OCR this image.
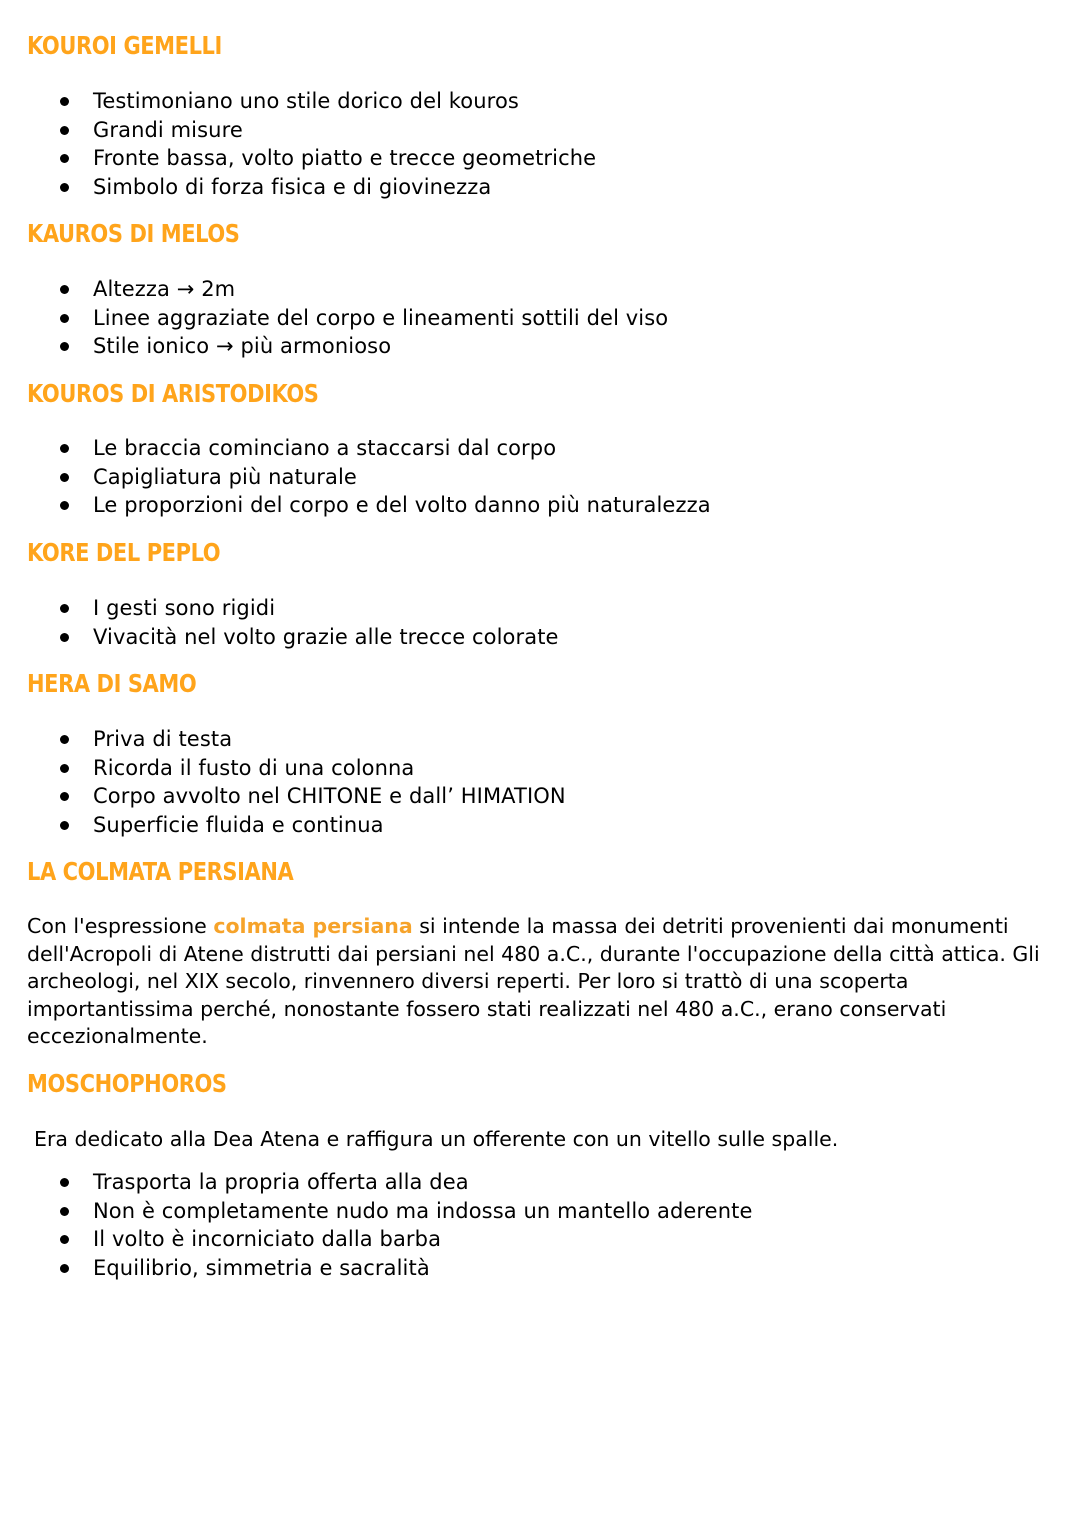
KOUROI GEMELLI
Testimoniano uno stile dorico del kouros
Grandi misure
Fronte bassa, volto piatto e trecce geometriche
Simbolo di forza fisica e di giovinezza
KAUROS DI MELOS
Altezza → 2m
Linee aggraziate del corpo e lineamenti sottili del viso
Stile ionico → più armonioso
KOUROS DI ARISTODIKOS
Le braccia cominciano a staccarsi dal corpo
Capigliatura più naturale
Le proporzioni del corpo e del volto danno più naturalezza
KORE DEL PEPLO
I gesti sono rigidi
Vivacità nel volto grazie alle trecce colorate
HERA DI SAMO
Priva di testa
Ricorda il fusto di una colonna
Corpo avvolto nel CHITONE e dall’ HIMATION
Superficie fluida e continua
LA COLMATA PERSIANA

Con l'espressione colmata persiana si intende la massa dei detriti provenienti dai monumenti dell'Acropoli di Atene distrutti dai persiani nel 480 a.C., durante l'occupazione della città attica. Gli archeologi, nel XIX secolo, rinvennero diversi reperti. Per loro si trattò di una scoperta importantissima perché, nonostante fossero stati realizzati nel 480 a.C., erano conservati eccezionalmente.

MOSCHOPHOROS

Era dedicato alla Dea Atena e raffigura un offerente con un vitello sulle spalle.

Trasporta la propria offerta alla dea
Non è completamente nudo ma indossa un mantello aderente
Il volto è incorniciato dalla barba
Equilibrio, simmetria e sacralità
